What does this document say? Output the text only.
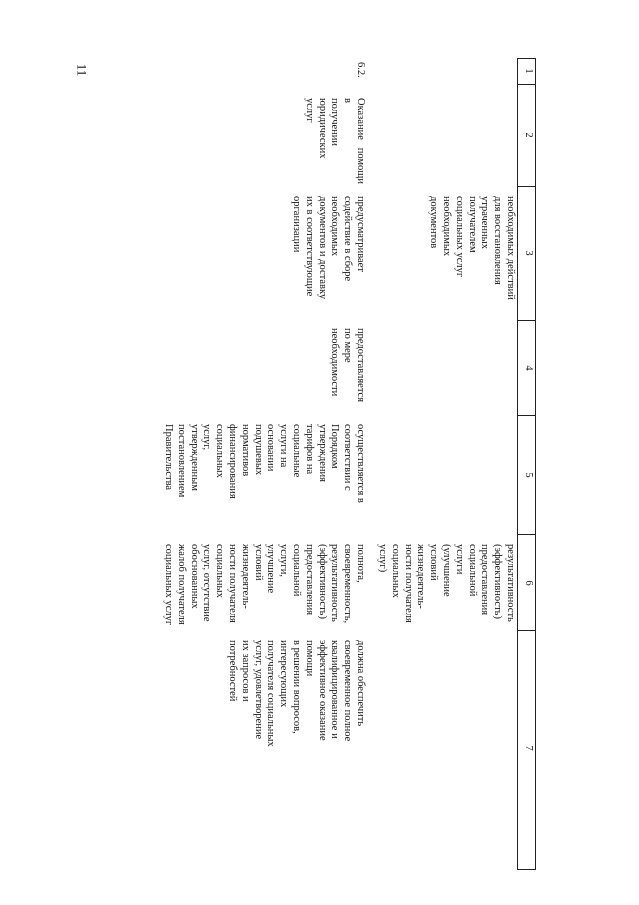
11	1
2
3
4
5
6
7
необходимых действий
для восстановления
утраченных
получателем
социальных услуг
необходимых
документов
результативность
(эффективность)
предоставления
социальной
услуги
(улучшение
условий
жизнедеятель-
ности получателя
социальных
услуг)
6.2.
Оказание помощи в
получении
юридических услуг
предусматривает
содействие в сборе
необходимых
документов и доставку
их в соответствующие
организации
предоставляется
по мере
необходимости
осуществляется в
соответствии с
Порядком
утверждения
тарифов на
социальные
услуги на
основании
подушевых
нормативов
финансирования
социальных
услуг,
утвержденным
постановлением
Правительства
полнота,
своевременность,
результативность
(эффективность)
предоставления
социальной
услуги,
улучшение
условий
жизнедеятель-
ности получателя
социальных
услуг, отсутствие
обоснованных
жалоб получателя
социальных услуг
должна обеспечить
своевременное полное
квалифицированное и
эффективное оказание
помощи
в решении вопросов,
интересующих
получателя социальных
услуг, удовлетворение
их запросов и
потребностей
